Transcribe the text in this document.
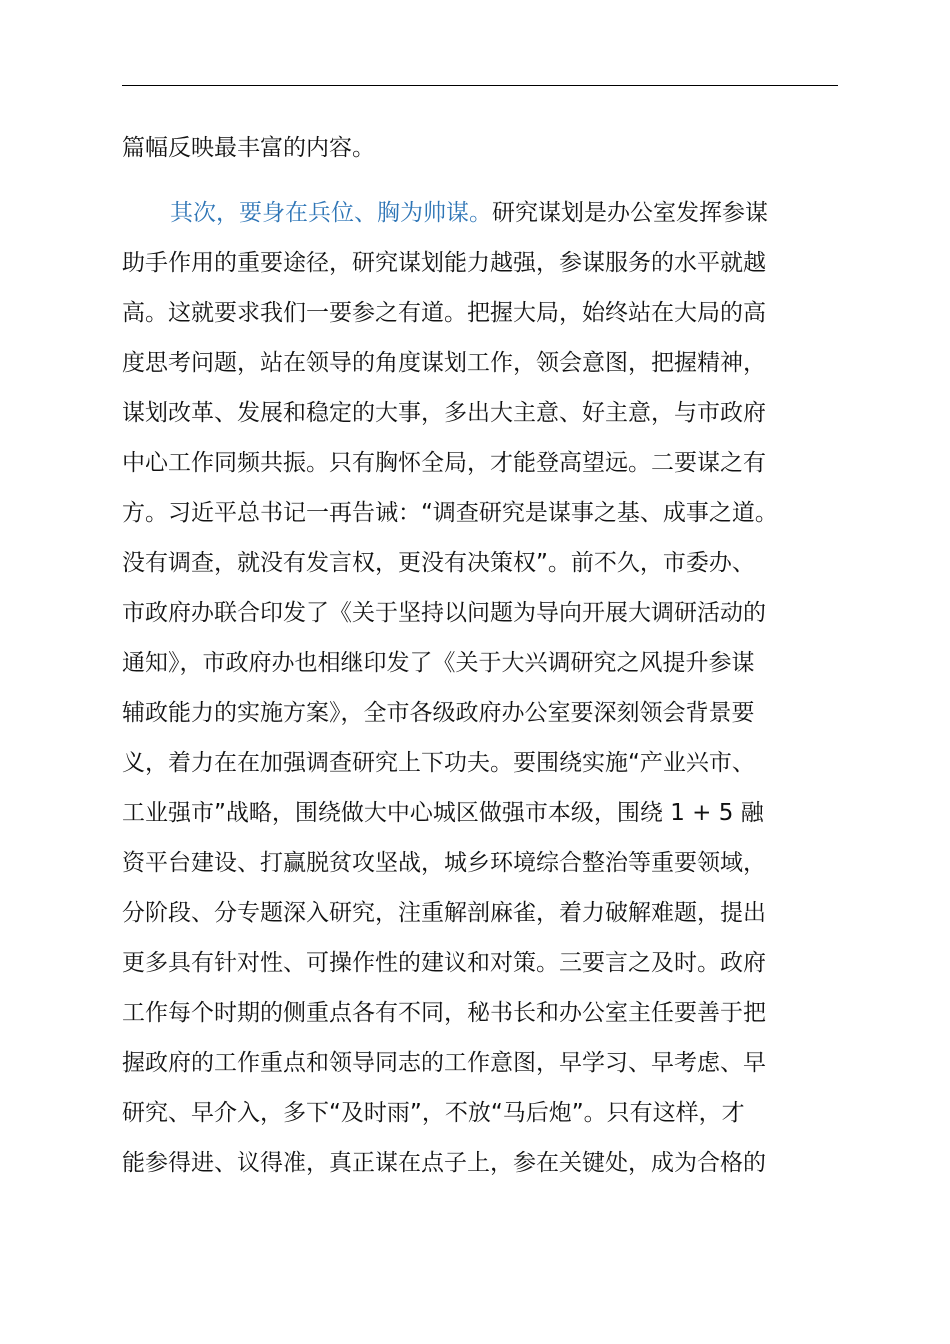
篇幅反映最丰富的内容。
其次，要身在兵位、胸为帅谋。研究谋划是办公室发挥参谋
助手作用的重要途径，研究谋划能力越强，参谋服务的水平就越
高。这就要求我们一要参之有道。把握大局，始终站在大局的高
度思考问题，站在领导的角度谋划工作，领会意图，把握精神，
谋划改革、发展和稳定的大事，多出大主意、好主意，与市政府
中心工作同频共振。只有胸怀全局，才能登高望远。二要谋之有
方。习近平总书记一再告诫：“调查研究是谋事之基、成事之道。
没有调查，就没有发言权，更没有决策权”。前不久，市委办、
市政府办联合印发了《关于坚持以问题为导向开展大调研活动的
通知》，市政府办也相继印发了《关于大兴调研究之风提升参谋
辅政能力的实施方案》，全市各级政府办公室要深刻领会背景要
义，着力在在加强调查研究上下功夫。要围绕实施“产业兴市、
工业强市”战略，围绕做大中心城区做强市本级，围绕 1 + 5 融
资平台建设、打赢脱贫攻坚战，城乡环境综合整治等重要领域，
分阶段、分专题深入研究，注重解剖麻雀，着力破解难题，提出
更多具有针对性、可操作性的建议和对策。三要言之及时。政府
工作每个时期的侧重点各有不同，秘书长和办公室主任要善于把
握政府的工作重点和领导同志的工作意图，早学习、早考虑、早
研究、早介入，多下“及时雨”，不放“马后炮”。只有这样，才
能参得进、议得准，真正谋在点子上，参在关键处，成为合格的
